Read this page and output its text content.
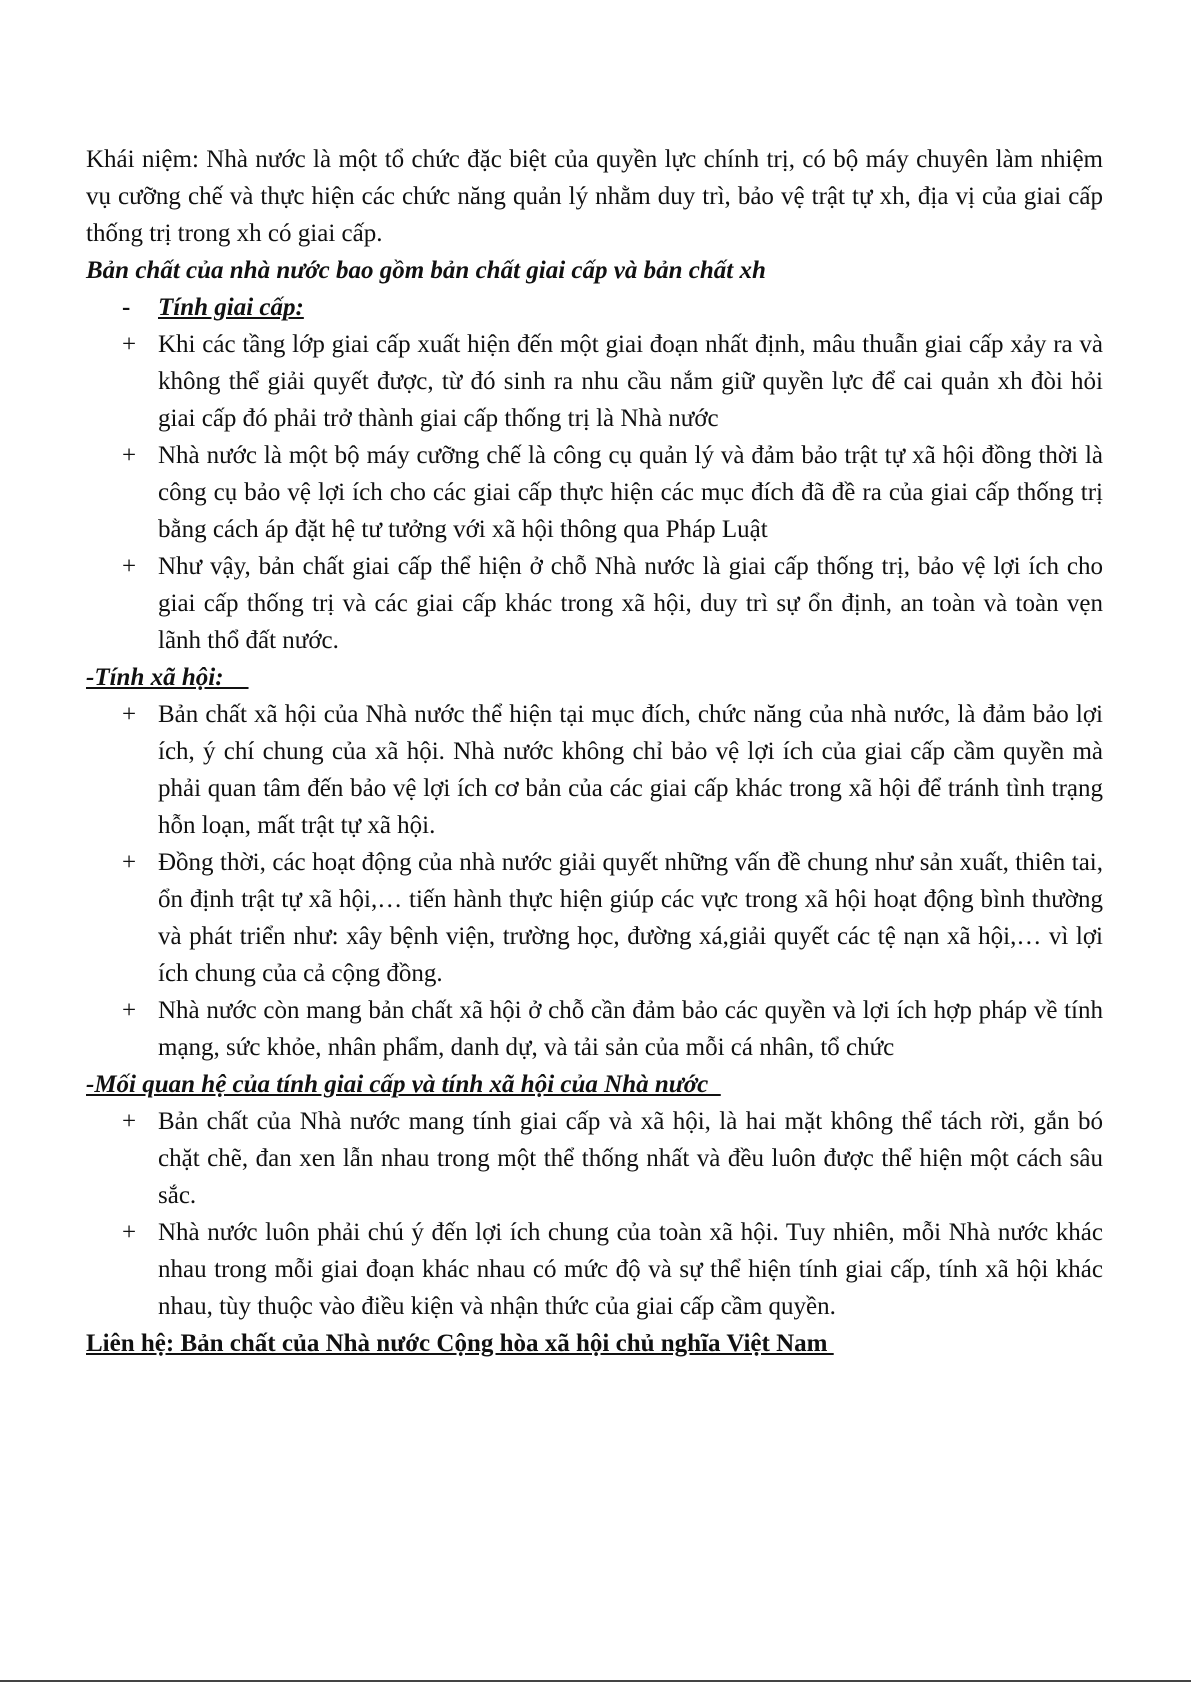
Khái niệm: Nhà nước là một tổ chức đặc biệt của quyền lực chính trị, có bộ máy chuyên làm nhiệm vụ cưỡng chế và thực hiện các chức năng quản lý nhằm duy trì, bảo vệ trật tự xh, địa vị của giai cấp thống trị trong xh có giai cấp.

Bản chất của nhà nước bao gồm bản chất giai cấp và bản chất xh

-	Tính giai cấp:
+ Khi các tầng lớp giai cấp xuất hiện đến một giai đoạn nhất định, mâu thuẫn giai cấp xảy ra và không thể giải quyết được, từ đó sinh ra nhu cầu nắm giữ quyền lực để cai quản xh đòi hỏi giai cấp đó phải trở thành giai cấp thống trị là Nhà nước
+ Nhà nước là một bộ máy cưỡng chế là công cụ quản lý và đảm bảo trật tự xã hội đồng thời là công cụ bảo vệ lợi ích cho các giai cấp thực hiện các mục đích đã đề ra của giai cấp thống trị bằng cách áp đặt hệ tư tưởng với xã hội thông qua Pháp Luật
+ Như vậy, bản chất giai cấp thể hiện ở chỗ Nhà nước là giai cấp thống trị, bảo vệ lợi ích cho giai cấp thống trị và các giai cấp khác trong xã hội, duy trì sự ổn định, an toàn và toàn vẹn lãnh thổ đất nước.

-Tính xã hội:

+ Bản chất xã hội của Nhà nước thể hiện tại mục đích, chức năng của nhà nước, là đảm bảo lợi ích, ý chí chung của xã hội. Nhà nước không chỉ bảo vệ lợi ích của giai cấp cầm quyền mà phải quan tâm đến bảo vệ lợi ích cơ bản của các giai cấp khác trong xã hội để tránh tình trạng hỗn loạn, mất trật tự xã hội.
+ Đồng thời, các hoạt động của nhà nước giải quyết những vấn đề chung như sản xuất, thiên tai, ổn định trật tự xã hội,… tiến hành thực hiện giúp các vực trong xã hội hoạt động bình thường và phát triển như: xây bệnh viện, trường học, đường xá,giải quyết các tệ nạn xã hội,… vì lợi ích chung của cả cộng đồng.
+ Nhà nước còn mang bản chất xã hội ở chỗ cần đảm bảo các quyền và lợi ích hợp pháp về tính mạng, sức khỏe, nhân phẩm, danh dự, và tải sản của mỗi cá nhân, tổ chức

-Mối quan hệ của tính giai cấp và tính xã hội của Nhà nước

+ Bản chất của Nhà nước mang tính giai cấp và xã hội, là hai mặt không thể tách rời, gắn bó chặt chẽ, đan xen lẫn nhau trong một thể thống nhất và đều luôn được thể hiện một cách sâu sắc.
+ Nhà nước luôn phải chú ý đến lợi ích chung của toàn xã hội. Tuy nhiên, mỗi Nhà nước khác nhau trong mỗi giai đoạn khác nhau có mức độ và sự thể hiện tính giai cấp, tính xã hội khác nhau, tùy thuộc vào điều kiện và nhận thức của giai cấp cầm quyền.

Liên hệ: Bản chất của Nhà nước Cộng hòa xã hội chủ nghĩa Việt Nam
